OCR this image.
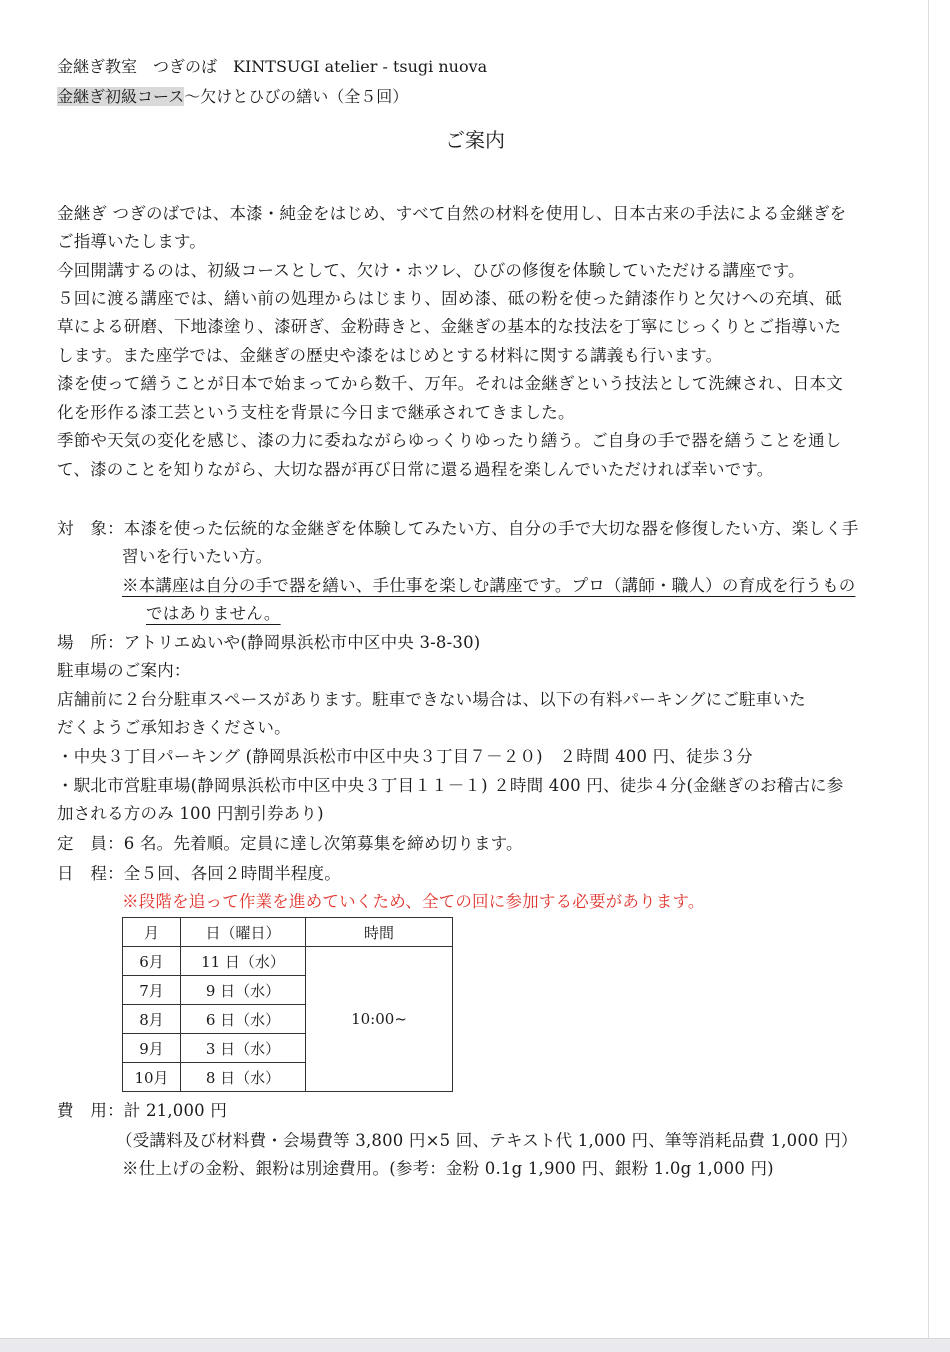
金継ぎ教室　つぎのば　KINTSUGI atelier - tsugi nuova
金継ぎ初級コース〜欠けとひびの繕い（全５回）
ご案内
金継ぎ つぎのばでは、本漆・純金をはじめ、すべて自然の材料を使用し、日本古来の手法による金継ぎを
ご指導いたします。
今回開講するのは、初級コースとして、欠け・ホツレ、ひびの修復を体験していただける講座です。
５回に渡る講座では、繕い前の処理からはじまり、固め漆、砥の粉を使った錆漆作りと欠けへの充填、砥
草による研磨、下地漆塗り、漆研ぎ、金粉蒔きと、金継ぎの基本的な技法を丁寧にじっくりとご指導いた
します。また座学では、金継ぎの歴史や漆をはじめとする材料に関する講義も行います。
漆を使って繕うことが日本で始まってから数千、万年。それは金継ぎという技法として洗練され、日本文
化を形作る漆工芸という支柱を背景に今日まで継承されてきました。
季節や天気の変化を感じ、漆の力に委ねながらゆっくりゆったり繕う。ご自身の手で器を繕うことを通し
て、漆のことを知りながら、大切な器が再び日常に還る過程を楽しんでいただければ幸いです。
対　象：本漆を使った伝統的な金継ぎを体験してみたい方、自分の手で大切な器を修復したい方、楽しく手
習いを行いたい方。
※本講座は自分の手で器を繕い、手仕事を楽しむ講座です。プロ（講師・職人）の育成を行うもの
ではありません。
場　所：アトリエぬいや(静岡県浜松市中区中央 3-8-30)
駐車場のご案内：
店舗前に２台分駐車スペースがあります。駐車できない場合は、以下の有料パーキングにご駐車いた
だくようご承知おきください。
・中央３丁目パーキング (静岡県浜松市中区中央３丁目７－２０)　２時間 400 円、徒歩３分
・駅北市営駐車場(静岡県浜松市中区中央３丁目１１－１) ２時間 400 円、徒歩４分(金継ぎのお稽古に参
加される方のみ 100 円割引券あり)
定　員：6 名。先着順。定員に達し次第募集を締め切ります。
日　程：全５回、各回２時間半程度。
※段階を追って作業を進めていくため、全ての回に参加する必要があります。
月	日（曜日）	時間
6月	11 日（水）	10:00~
7月	9 日（水）	
8月	6 日（水）	
9月	3 日（水）	
10月	8 日（水）	
費　用：計 21,000 円
（受講料及び材料費・会場費等 3,800 円×5 回、テキスト代 1,000 円、筆等消耗品費 1,000 円）
※仕上げの金粉、銀粉は別途費用。(参考：金粉 0.1g 1,900 円、銀粉 1.0g 1,000 円)
